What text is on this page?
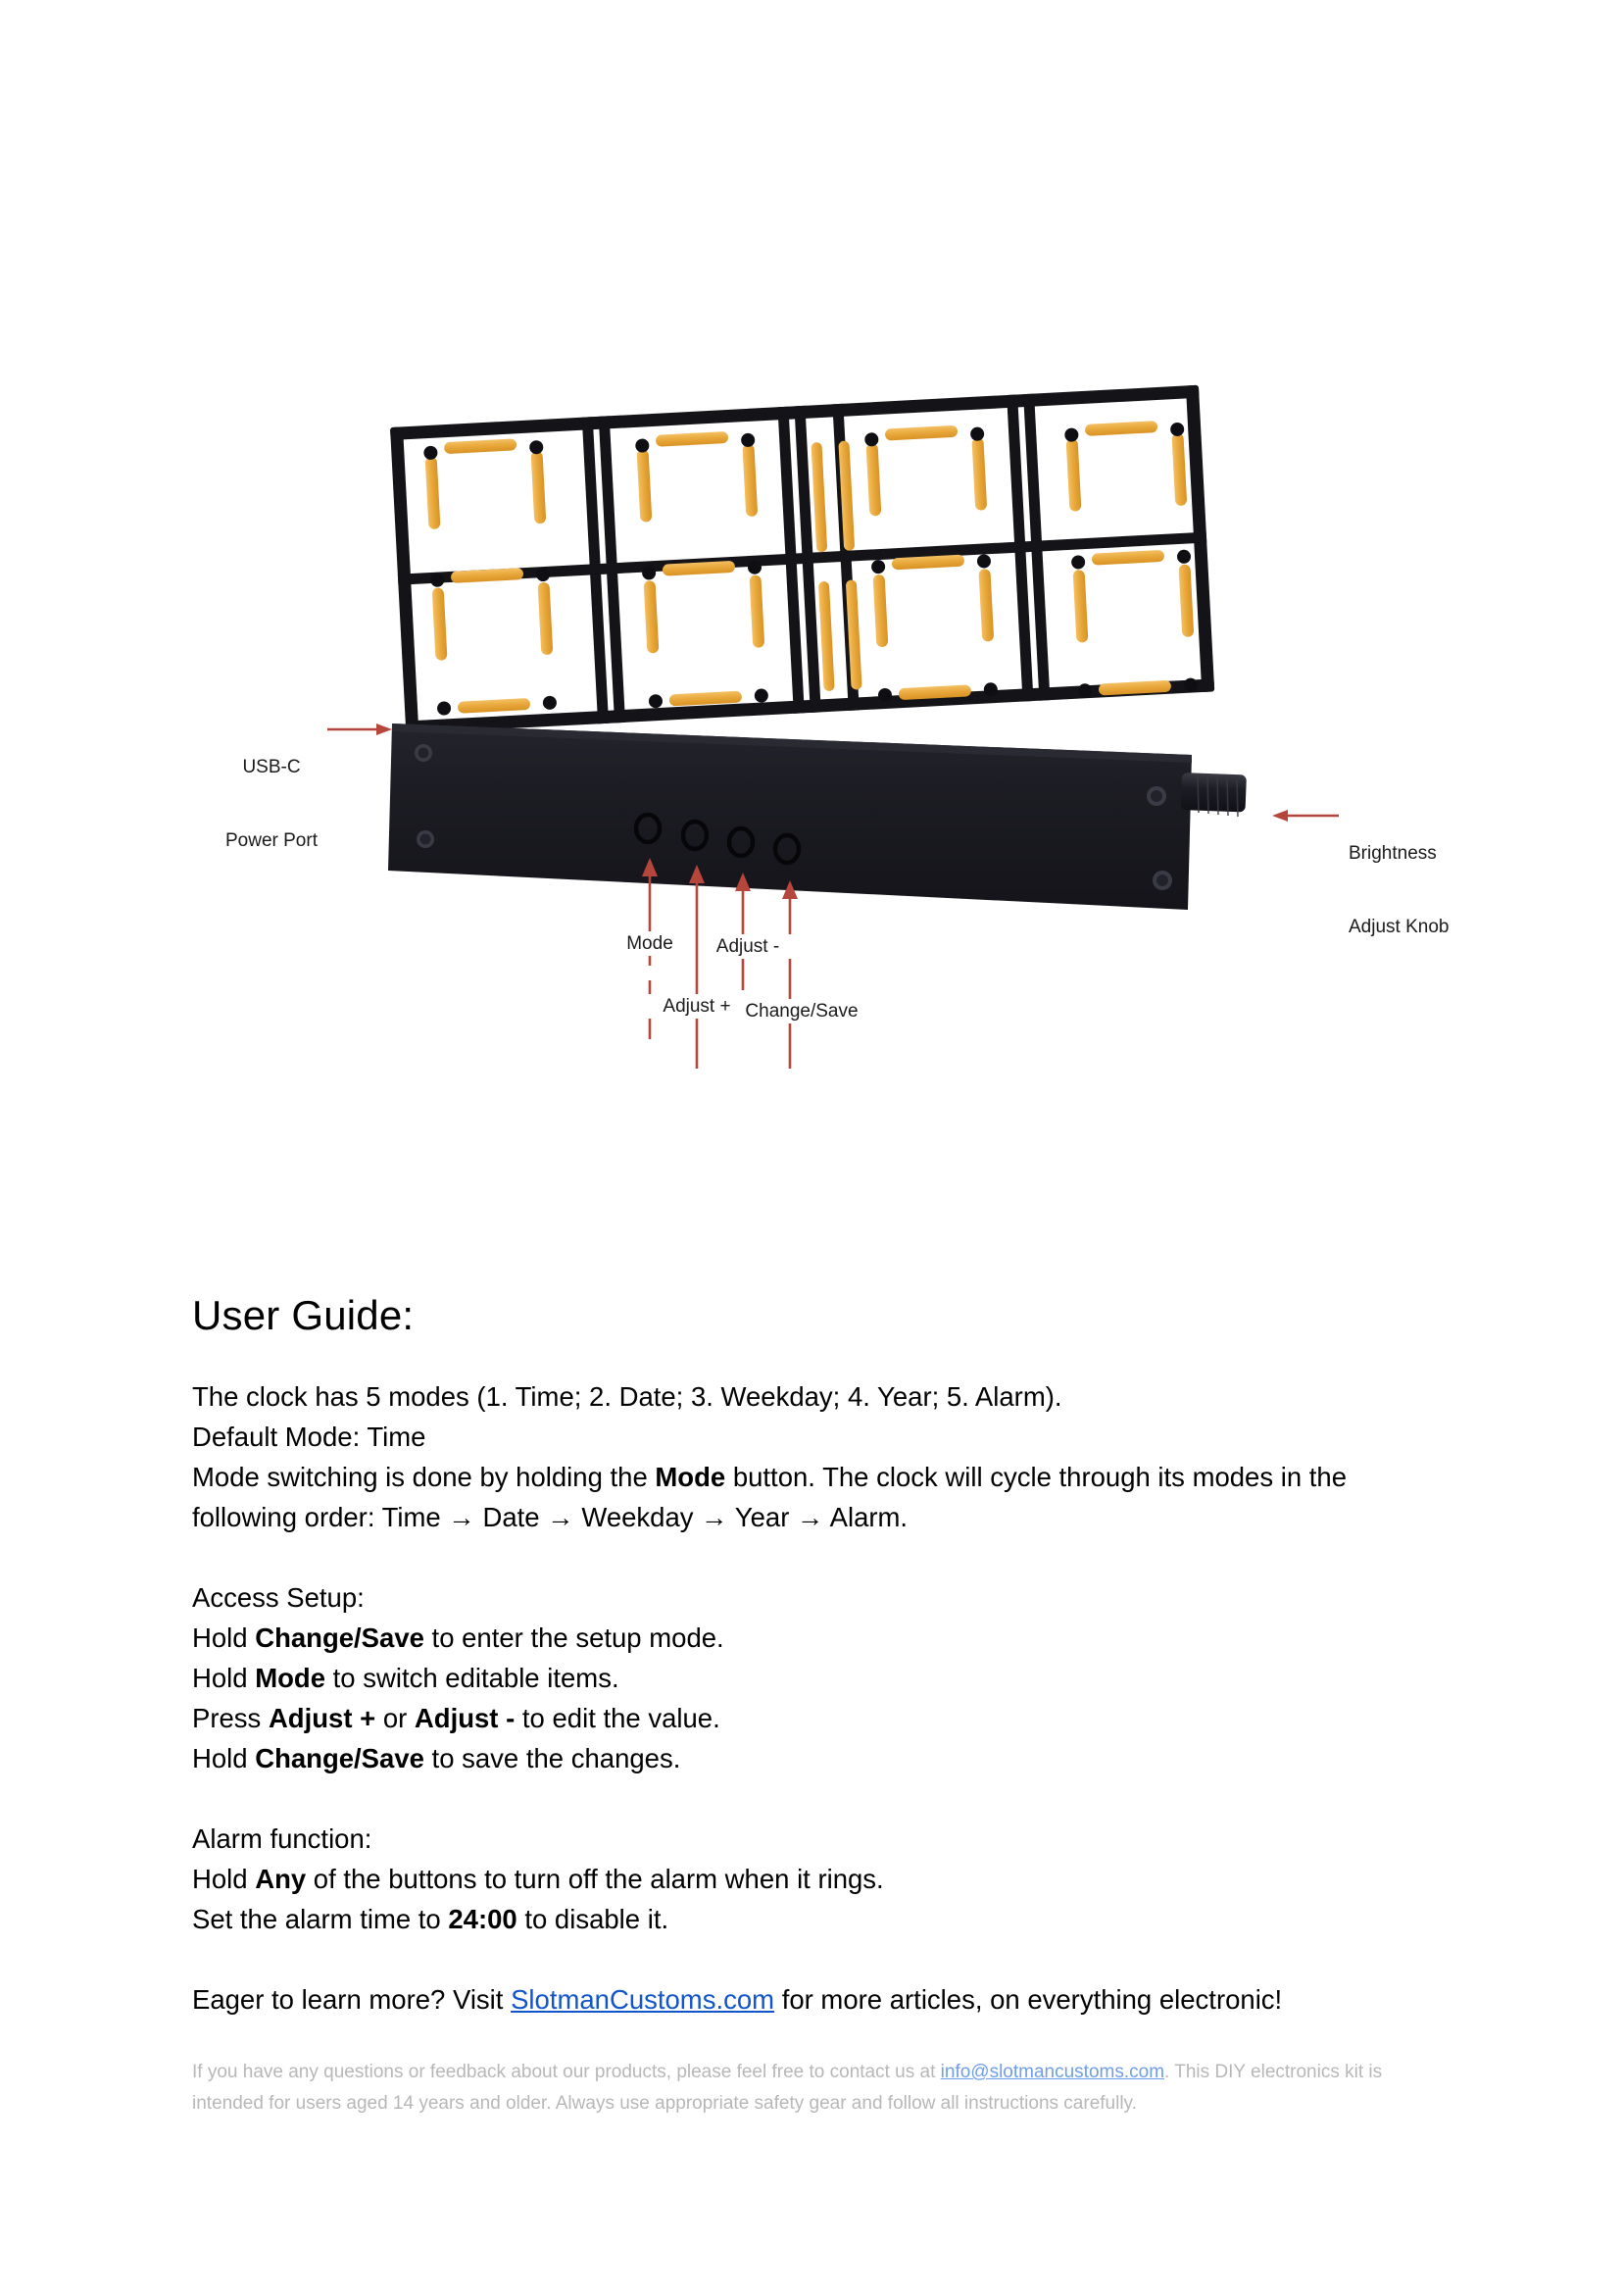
USB-C

Power Port

Brightness

Adjust Knob

Mode
Adjust +
Adjust -
Change/Save
User Guide:

The clock has 5 modes (1. Time; 2. Date; 3. Weekday; 4. Year; 5. Alarm).
Default Mode: Time
Mode switching is done by holding the Mode button. The clock will cycle through its modes in the following order: Time → Date → Weekday → Year → Alarm.

Access Setup:
Hold Change/Save to enter the setup mode.
Hold Mode to switch editable items.
Press Adjust + or Adjust - to edit the value.
Hold Change/Save to save the changes.

Alarm function:
Hold Any of the buttons to turn off the alarm when it rings.
Set the alarm time to 24:00 to disable it.

Eager to learn more? Visit SlotmanCustoms.com for more articles, on everything electronic!

If you have any questions or feedback about our products, please feel free to contact us at info@slotmancustoms.com. This DIY electronics kit is intended for users aged 14 years and older. Always use appropriate safety gear and follow all instructions carefully.
